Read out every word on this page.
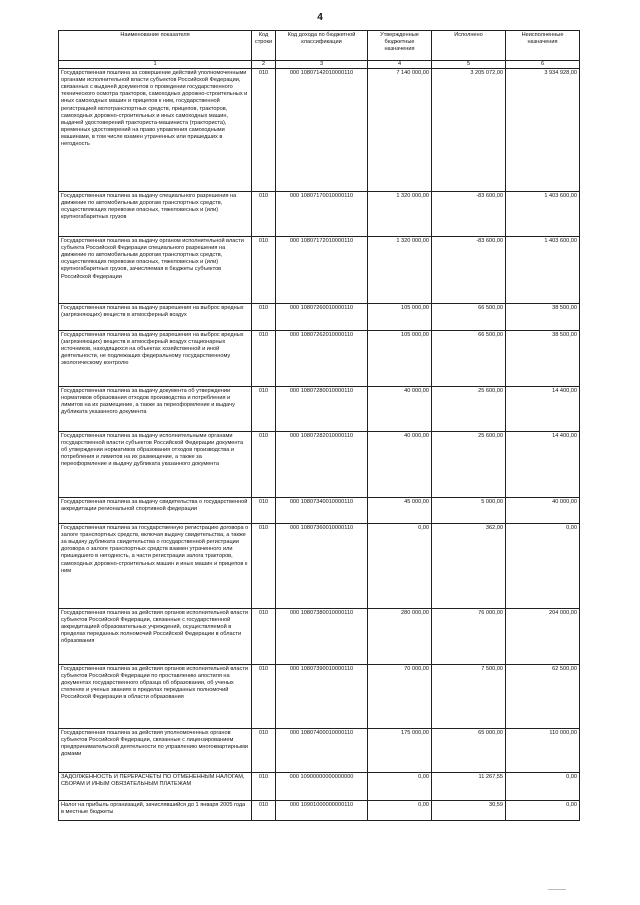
4
Наименование показателя	Код строки	Код дохода по бюджетной классификации	Утвержденные бюджетные назначения	Исполнено	Неисполненные назначения
1	2	3	4	5	6
Государственная пошлина за совершение действий уполномоченными органами исполнительной власти субъектов Российской Федерации, связанных с выдачей документов о проведении государственного технического осмотра тракторов, самоходных дорожно-строительных и иных самоходных машин и прицепов к ним, государственной регистрацией мототранспортных средств, прицепов, тракторов, самоходных дорожно-строительных и иных самоходных машин, выдачей удостоверений тракториста-машиниста (тракториста), временных удостоверений на право управления самоходными машинами, в том числе взамен утраченных или пришедших в негодность	010	000 10807142010000110	7 140 000,00	3 205 072,00	3 934 928,00
Государственная пошлина за выдачу специального разрешения на движение по автомобильным дорогам транспортных средств, осуществляющих перевозки опасных, тяжеловесных и (или) крупногабаритных грузов	010	000 10807170010000110	1 320 000,00	-83 600,00	1 403 600,00
Государственная пошлина за выдачу органом исполнительной власти субъекта Российской Федерации специального разрешения на движение по автомобильным дорогам транспортных средств, осуществляющих перевозки опасных, тяжеловесных и (или) крупногабаритных грузов, зачисляемая в бюджеты субъектов Российской Федерации	010	000 10807172010000110	1 320 000,00	-83 600,00	1 403 600,00
Государственная пошлина за выдачу разрешения на выброс вредных (загрязняющих) веществ в атмосферный воздух	010	000 10807260010000110	105 000,00	66 500,00	38 500,00
Государственная пошлина за выдачу разрешения на выброс вредных (загрязняющих) веществ в атмосферный воздух стационарных источников, находящихся на объектах хозяйственной и иной деятельности, не подлежащих федеральному государственному экологическому контролю	010	000 10807262010000110	105 000,00	66 500,00	38 500,00
Государственная пошлина за выдачу документа об утверждении нормативов образования отходов производства и потребления и лимитов на их размещение, а также за переоформление и выдачу дубликата указанного документа	010	000 10807280010000110	40 000,00	25 600,00	14 400,00
Государственная пошлина за выдачу исполнительными органами государственной власти субъектов Российской Федерации документа об утверждении нормативов образования отходов производства и потребления и лимитов на их размещение, а также за переоформление и выдачу дубликата указанного документа	010	000 10807282010000110	40 000,00	25 600,00	14 400,00
Государственная пошлина за выдачу свидетельства о государственной аккредитации региональной спортивной федерации	010	000 10807340010000110	45 000,00	5 000,00	40 000,00
Государственная пошлина за государственную регистрацию договора о залоге транспортных средств, включая выдачу свидетельства, а также за выдачу дубликата свидетельства о государственной регистрации договора о залоге транспортных средств взамен утраченного или пришедшего в негодность, а части регистрации залога тракторов, самоходных дорожно-строительных машин и иных машин и прицепов к ним	010	000 10807360010000110	0,00	362,00	0,00
Государственная пошлина за действия органов исполнительной власти субъектов Российской Федерации, связанные с государственной аккредитацией образовательных учреждений, осуществляемой в пределах переданных полномочий Российской Федерации в области образования	010	000 10807380010000110	280 000,00	76 000,00	204 000,00
Государственная пошлина за действия органов исполнительной власти субъектов Российской Федерации по проставлению апостиля на документах государственного образца об образовании, об ученых степенях и ученых званиях в пределах переданных полномочий Российской Федерации в области образования	010	000 10807390010000110	70 000,00	7 500,00	62 500,00
Государственная пошлина за действия уполномоченных органов субъектов Российской Федерации, связанные с лицензированием предпринимательской деятельности по управлению многоквартирными домами	010	000 10807400010000110	175 000,00	65 000,00	110 000,00
ЗАДОЛЖЕННОСТЬ И ПЕРЕРАСЧЕТЫ ПО ОТМЕНЕННЫМ НАЛОГАМ, СБОРАМ И ИНЫМ ОБЯЗАТЕЛЬНЫМ ПЛАТЕЖАМ	010	000 10900000000000000	0,00	11 267,55	0,00
Налог на прибыль организаций, зачислявшийся до 1 января 2005 года в местные бюджеты	010	000 10901000000000110	0,00	30,59	0,00
